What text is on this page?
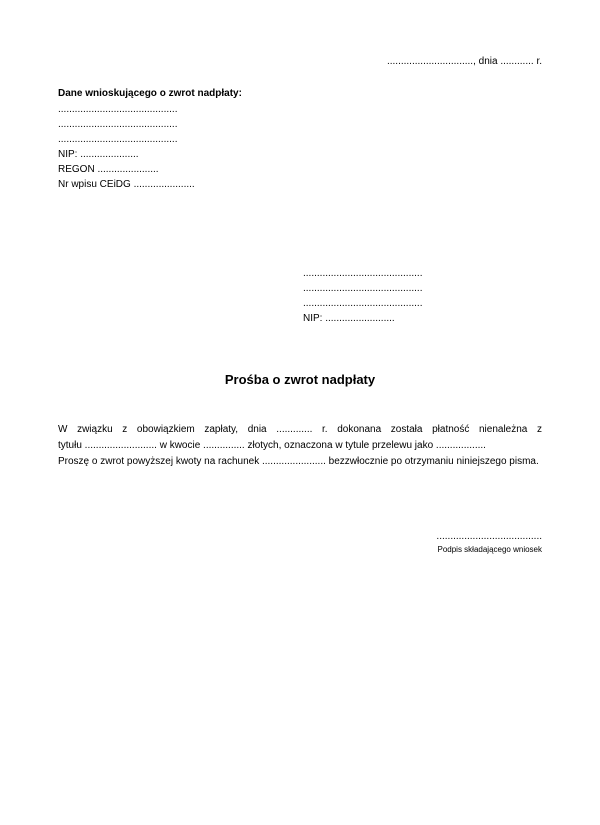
..............................., dnia ............ r.
Dane wnioskującego o zwrot nadpłaty:
...........................................
...........................................
...........................................
NIP: .....................
REGON ......................
Nr wpisu CEiDG ......................
...........................................
...........................................
...........................................
NIP: .........................
Prośba o zwrot nadpłaty
W związku z obowiązkiem zapłaty, dnia ............. r. dokonana została płatność nienależna z
tytułu .......................... w kwocie ............... złotych, oznaczona w tytule przelewu jako ..................
Proszę o zwrot powyższej kwoty na rachunek ....................... bezzwłocznie po otrzymaniu niniejszego pisma.
......................................
Podpis składającego wniosek
